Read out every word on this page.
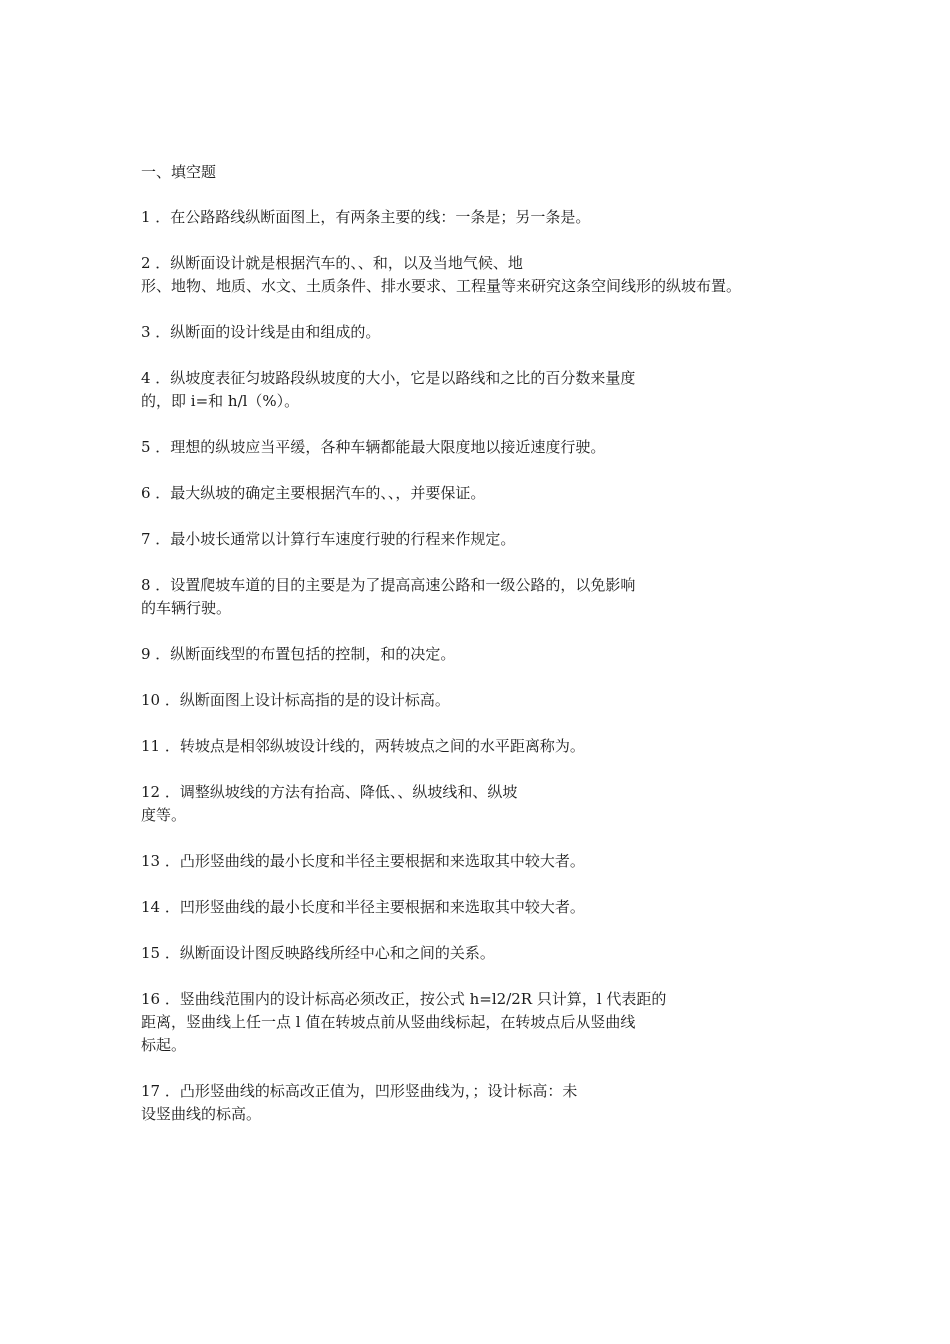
一、填空题
1 ．在公路路线纵断面图上，有两条主要的线：一条是；另一条是。
2 ．纵断面设计就是根据汽车的、、和，以及当地气候、地
形、地物、地质、水文、土质条件、排水要求、工程量等来研究这条空间线形的纵坡布置。
3 ．纵断面的设计线是由和组成的。
4 ．纵坡度表征匀坡路段纵坡度的大小，它是以路线和之比的百分数来量度
的，即 i=和 h/l（%）。
5 ．理想的纵坡应当平缓，各种车辆都能最大限度地以接近速度行驶。
6 ．最大纵坡的确定主要根据汽车的、、，并要保证。
7 ．最小坡长通常以计算行车速度行驶的行程来作规定。
8 ．设置爬坡车道的目的主要是为了提高高速公路和一级公路的，以免影响
的车辆行驶。
9 ．纵断面线型的布置包括的控制，和的决定。
10 ．纵断面图上设计标高指的是的设计标高。
11 ．转坡点是相邻纵坡设计线的，两转坡点之间的水平距离称为。
12 ．调整纵坡线的方法有抬高、降低、、纵坡线和、纵坡
度等。
13 ．凸形竖曲线的最小长度和半径主要根据和来选取其中较大者。
14 ．凹形竖曲线的最小长度和半径主要根据和来选取其中较大者。
15 ．纵断面设计图反映路线所经中心和之间的关系。
16 ．竖曲线范围内的设计标高必须改正，按公式 h=l2/2R 只计算，l 代表距的
距离，竖曲线上任一点 l 值在转坡点前从竖曲线标起，在转坡点后从竖曲线
标起。
17 ．凸形竖曲线的标高改正值为，凹形竖曲线为，；设计标高：未
设竖曲线的标高。
